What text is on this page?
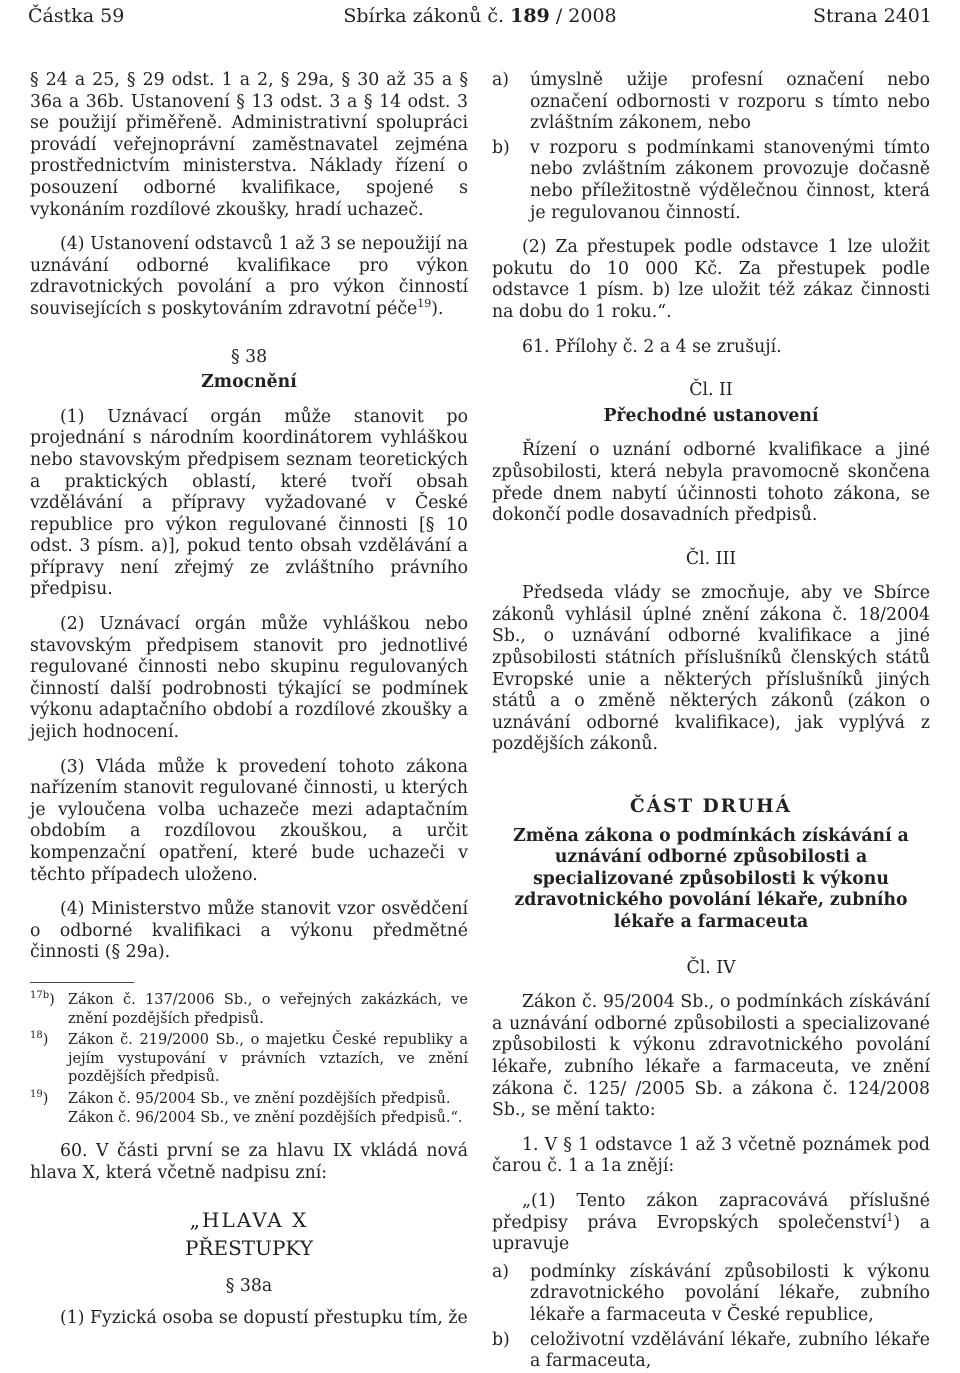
Částka 59	Sbírka zákonů č. 189 / 2008	Strana 2401

§ 24 a 25, § 29 odst. 1 a 2, § 29a, § 30 až 35 a § 36a a 36b. Ustanovení § 13 odst. 3 a § 14 odst. 3 se použijí přiměřeně. Administrativní spolupráci provádí veřejnoprávní zaměstnavatel zejména prostřednictvím ministerstva. Náklady řízení o posouzení odborné kvalifikace, spojené s vykonáním rozdílové zkoušky, hradí uchazeč.

(4) Ustanovení odstavců 1 až 3 se nepoužijí na uznávání odborné kvalifikace pro výkon zdravotnických povolání a pro výkon činností souvisejících s poskytováním zdravotní péče$^{19}$).

§ 38

Zmocnění

(1) Uznávací orgán může stanovit po projednání s národním koordinátorem vyhláškou nebo stavovským předpisem seznam teoretických a praktických oblastí, které tvoří obsah vzdělávání a přípravy vyžadované v České republice pro výkon regulované činnosti [§ 10 odst. 3 písm. a)], pokud tento obsah vzdělávání a přípravy není zřejmý ze zvláštního právního předpisu.

(2) Uznávací orgán může vyhláškou nebo stavovským předpisem stanovit pro jednotlivé regulované činnosti nebo skupinu regulovaných činností další podrobnosti týkající se podmínek výkonu adaptačního období a rozdílové zkoušky a jejich hodnocení.

(3) Vláda může k provedení tohoto zákona nařízením stanovit regulované činnosti, u kterých je vyloučena volba uchazeče mezi adaptačním obdobím a rozdílovou zkouškou, a určit kompenzační opatření, které bude uchazeči v těchto případech uloženo.

(4) Ministerstvo může stanovit vzor osvědčení o odborné kvalifikaci a výkonu předmětné činnosti (§ 29a).

$^{17b}$) Zákon č. 137/2006 Sb., o veřejných zakázkách, ve znění pozdějších předpisů.
$^{18}$)	Zákon č. 219/2000 Sb., o majetku České republiky a jejím vystupování v právních vztazích, ve znění pozdějších předpisů.
$^{19}$)	Zákon č. 95/2004 Sb., ve znění pozdějších předpisů.
Zákon č. 96/2004 Sb., ve znění pozdějších předpisů.“.

60. V části první se za hlavu IX vkládá nová hlava X, která včetně nadpisu zní:

„HLAVA X

PŘESTUPKY

§ 38a

(1) Fyzická osoba se dopustí přestupku tím, že

a)	úmyslně užije profesní označení nebo označení odbornosti v rozporu s tímto nebo zvláštním zákonem, nebo
b)	v rozporu s podmínkami stanovenými tímto nebo zvláštním zákonem provozuje dočasně nebo příležitostně výdělečnou činnost, která je regulovanou činností.

(2) Za přestupek podle odstavce 1 lze uložit pokutu do 10 000 Kč. Za přestupek podle odstavce 1 písm. b) lze uložit též zákaz činnosti na dobu do 1 roku.“.

61. Přílohy č. 2 a 4 se zrušují.

Čl. II

Přechodné ustanovení

Řízení o uznání odborné kvalifikace a jiné způsobilosti, která nebyla pravomocně skončena přede dnem nabytí účinnosti tohoto zákona, se dokončí podle dosavadních předpisů.

Čl. III

Předseda vlády se zmocňuje, aby ve Sbírce zákonů vyhlásil úplné znění zákona č. 18/2004 Sb., o uznávání odborné kvalifikace a jiné způsobilosti státních příslušníků členských států Evropské unie a některých příslušníků jiných států a o změně některých zákonů (zákon o uznávání odborné kvalifikace), jak vyplývá z pozdějších zákonů.

ČÁST DRUHÁ

Změna zákona o podmínkách získávání a uznávání odborné způsobilosti a specializované způsobilosti k výkonu zdravotnického povolání lékaře, zubního lékaře a farmaceuta

Čl. IV

Zákon č. 95/2004 Sb., o podmínkách získávání a uznávání odborné způsobilosti a specializované způsobilosti k výkonu zdravotnického povolání lékaře, zubního lékaře a farmaceuta, ve znění zákona č. 125/ /2005 Sb. a zákona č. 124/2008 Sb., se mění takto:

1. V § 1 odstavce 1 až 3 včetně poznámek pod čarou č. 1 a 1a znějí:

„(1) Tento zákon zapracovává příslušné předpisy práva Evropských společenství$^1$) a upravuje

a)	podmínky získávání způsobilosti k výkonu zdravotnického povolání lékaře, zubního lékaře a farmaceuta v České republice,
b)	celoživotní vzdělávání lékaře, zubního lékaře a farmaceuta,
